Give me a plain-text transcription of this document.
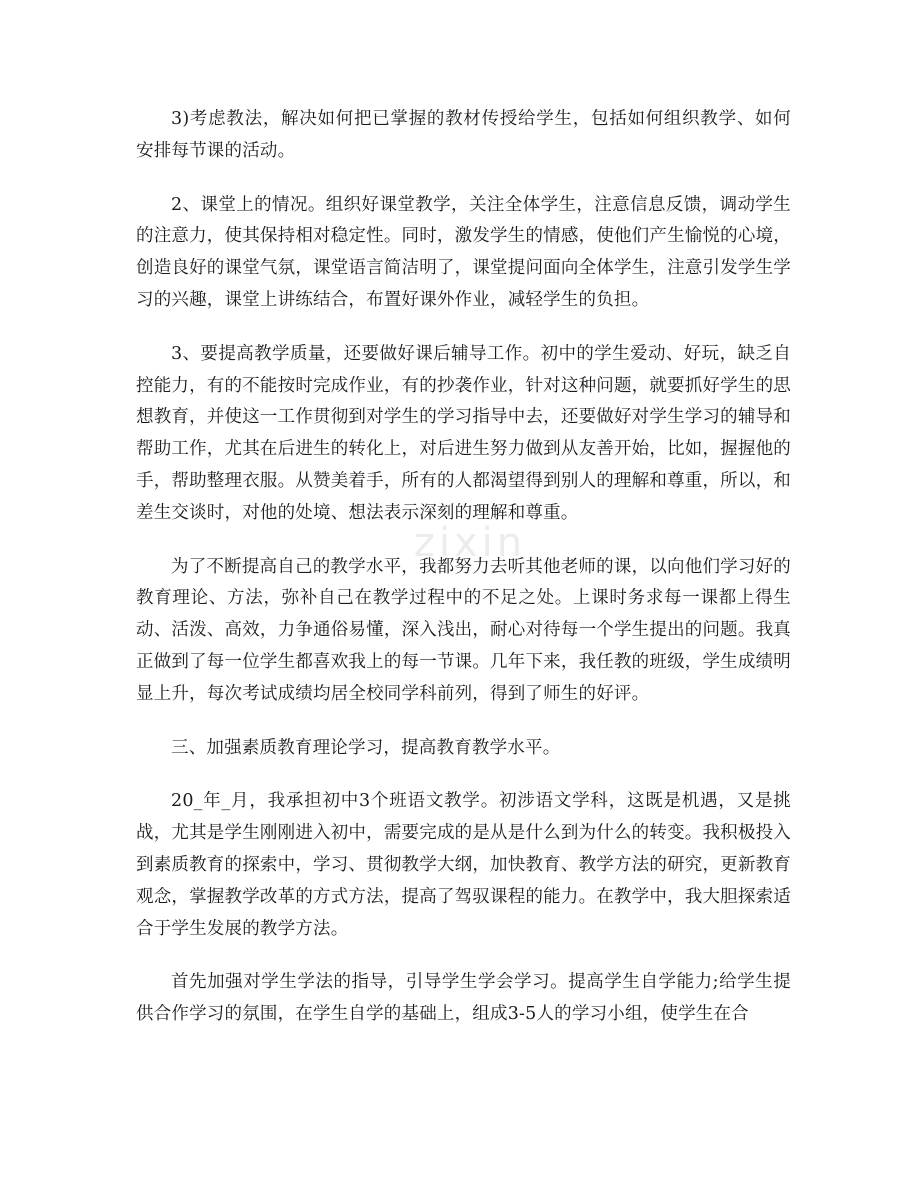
3)考虑教法，解决如何把已掌握的教材传授给学生，包括如何组织教学、如何安排每节课的活动。

2、课堂上的情况。组织好课堂教学，关注全体学生，注意信息反馈，调动学生的注意力，使其保持相对稳定性。同时，激发学生的情感，使他们产生愉悦的心境，创造良好的课堂气氛，课堂语言简洁明了，课堂提问面向全体学生，注意引发学生学习的兴趣，课堂上讲练结合，布置好课外作业，减轻学生的负担。

3、要提高教学质量，还要做好课后辅导工作。初中的学生爱动、好玩，缺乏自控能力，有的不能按时完成作业，有的抄袭作业，针对这种问题，就要抓好学生的思想教育，并使这一工作贯彻到对学生的学习指导中去，还要做好对学生学习的辅导和帮助工作，尤其在后进生的转化上，对后进生努力做到从友善开始，比如，握握他的手，帮助整理衣服。从赞美着手，所有的人都渴望得到别人的理解和尊重，所以，和差生交谈时，对他的处境、想法表示深刻的理解和尊重。

为了不断提高自己的教学水平，我都努力去听其他老师的课，以向他们学习好的教育理论、方法，弥补自己在教学过程中的不足之处。上课时务求每一课都上得生动、活泼、高效，力争通俗易懂，深入浅出，耐心对待每一个学生提出的问题。我真正做到了每一位学生都喜欢我上的每一节课。几年下来，我任教的班级，学生成绩明显上升，每次考试成绩均居全校同学科前列，得到了师生的好评。

三、加强素质教育理论学习，提高教育教学水平。

20_年_月，我承担初中3个班语文教学。初涉语文学科，这既是机遇，又是挑战，尤其是学生刚刚进入初中，需要完成的是从是什么到为什么的转变。我积极投入到素质教育的探索中，学习、贯彻教学大纲，加快教育、教学方法的研究，更新教育观念，掌握教学改革的方式方法，提高了驾驭课程的能力。在教学中，我大胆探索适合于学生发展的教学方法。

首先加强对学生学法的指导，引导学生学会学习。提高学生自学能力;给学生提供合作学习的氛围，在学生自学的基础上，组成3-5人的学习小组，使学生在合

zixin
